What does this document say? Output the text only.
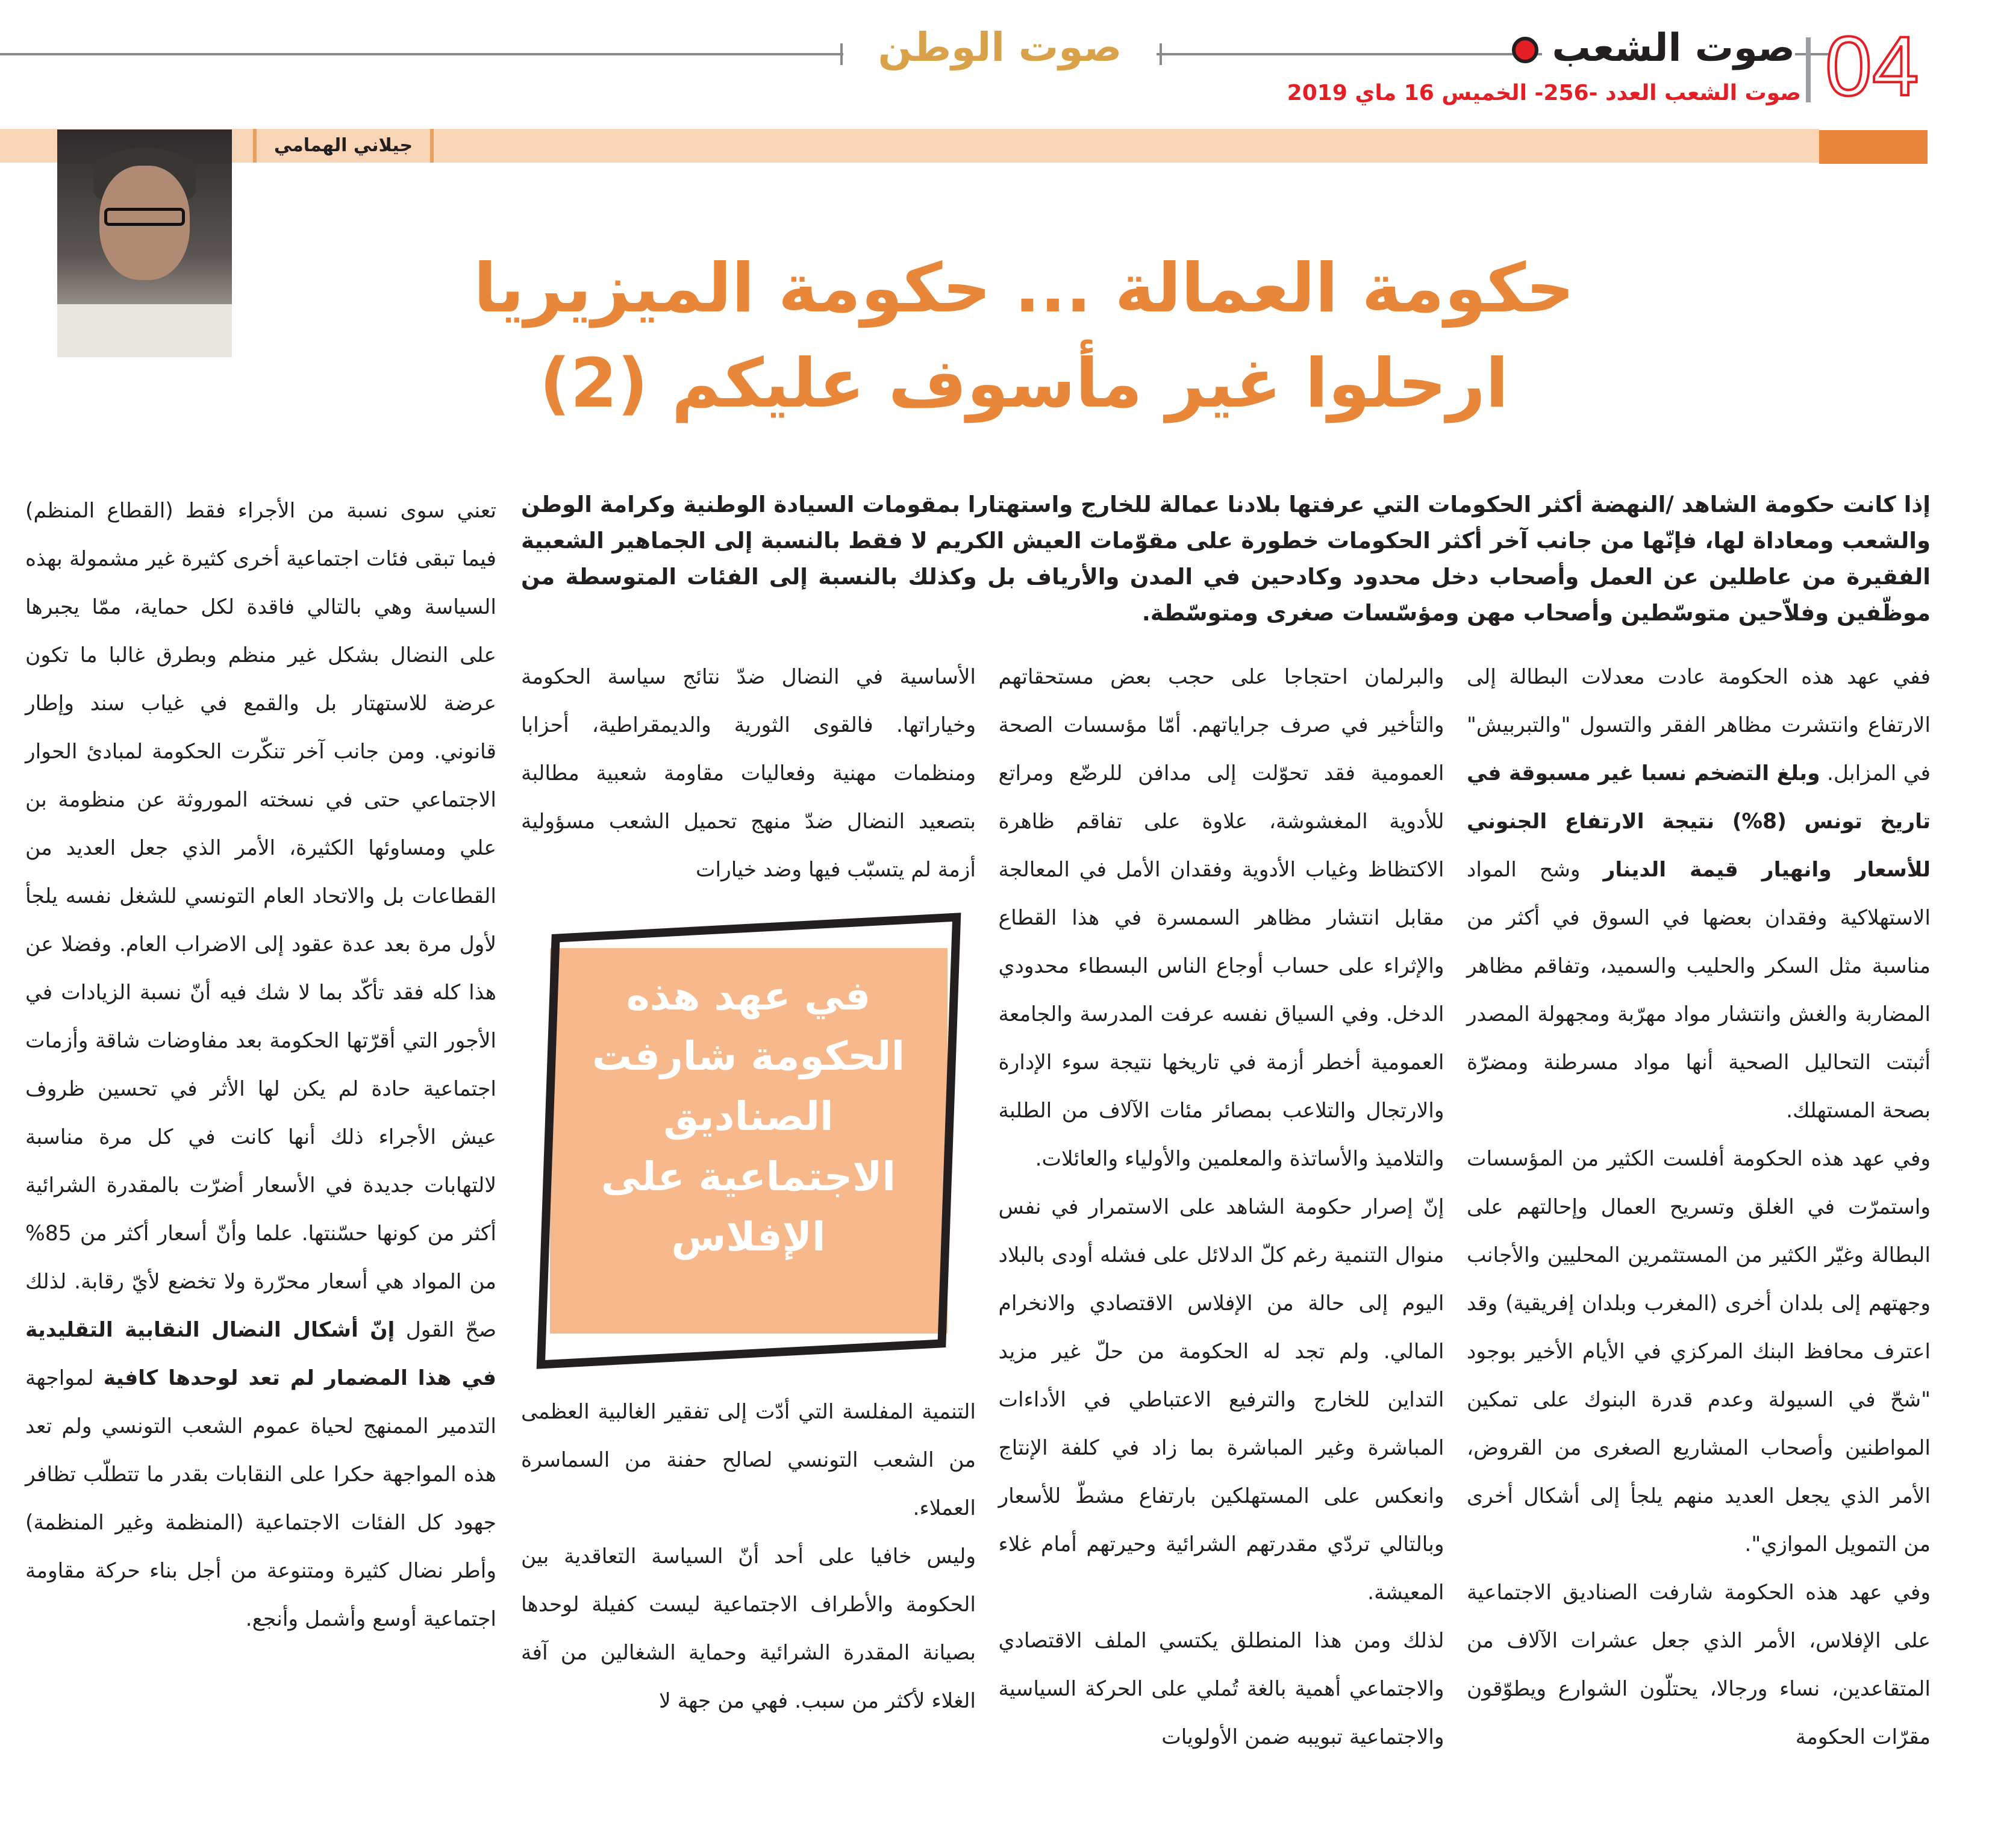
صوت الوطن	صوت الشعب 04
صوت الشعب العدد -256- الخميس 16 ماي 2019
جيلاني الهمامي
حكومة العمالة ... حكومة الميزيريا
ارحلوا غير مأسوف عليكم (2)
إذا كانت حكومة الشاهد /النهضة أكثر الحكومات التي عرفتها بلادنا عمالة للخارج واستهتارا بمقومات السيادة الوطنية وكرامة الوطن والشعب ومعاداة لها، فإنّها من جانب آخر أكثر الحكومات خطورة على مقوّمات العيش الكريم لا فقط بالنسبة إلى الجماهير الشعبية الفقيرة من عاطلين عن العمل وأصحاب دخل محدود وكادحين في المدن والأرياف بل وكذلك بالنسبة إلى الفئات المتوسطة من موظّفين وفلاّحين متوسّطين وأصحاب مهن ومؤسّسات صغرى ومتوسّطة.

ففي عهد هذه الحكومة عادت معدلات البطالة إلى الارتفاع وانتشرت مظاهر الفقر والتسول "والتبربيش" في المزابل. وبلغ التضخم نسبا غير مسبوقة في تاريخ تونس (8%) نتيجة الارتفاع الجنوني للأسعار وانهيار قيمة الدينار وشح المواد الاستهلاكية وفقدان بعضها في السوق في أكثر من مناسبة مثل السكر والحليب والسميد، وتفاقم مظاهر المضاربة والغش وانتشار مواد مهرّبة ومجهولة المصدر أثبتت التحاليل الصحية أنها مواد مسرطنة ومضرّة بصحة المستهلك.

وفي عهد هذه الحكومة أفلست الكثير من المؤسسات واستمرّت في الغلق وتسريح العمال وإحالتهم على البطالة وغيّر الكثير من المستثمرين المحليين والأجانب وجهتهم إلى بلدان أخرى (المغرب وبلدان إفريقية) وقد اعترف محافظ البنك المركزي في الأيام الأخير بوجود "شحّ في السيولة وعدم قدرة البنوك على تمكين المواطنين وأصحاب المشاريع الصغرى من القروض، الأمر الذي يجعل العديد منهم يلجأ إلى أشكال أخرى من التمويل الموازي".

وفي عهد هذه الحكومة شارفت الصناديق الاجتماعية على الإفلاس، الأمر الذي جعل عشرات الآلاف من المتقاعدين، نساء ورجالا، يحتلّون الشوارع ويطوّقون مقرّات الحكومة

والبرلمان احتجاجا على حجب بعض مستحقاتهم والتأخير في صرف جراياتهم. أمّا مؤسسات الصحة العمومية فقد تحوّلت إلى مدافن للرضّع ومراتع للأدوية المغشوشة، علاوة على تفاقم ظاهرة الاكتظاظ وغياب الأدوية وفقدان الأمل في المعالجة مقابل انتشار مظاهر السمسرة في هذا القطاع والإثراء على حساب أوجاع الناس البسطاء محدودي الدخل. وفي السياق نفسه عرفت المدرسة والجامعة العمومية أخطر أزمة في تاريخها نتيجة سوء الإدارة والارتجال والتلاعب بمصائر مئات الآلاف من الطلبة والتلاميذ والأساتذة والمعلمين والأولياء والعائلات.

إنّ إصرار حكومة الشاهد على الاستمرار في نفس منوال التنمية رغم كلّ الدلائل على فشله أودى بالبلاد اليوم إلى حالة من الإفلاس الاقتصادي والانخرام المالي. ولم تجد له الحكومة من حلّ غير مزيد التداين للخارج والترفيع الاعتباطي في الأداءات المباشرة وغير المباشرة بما زاد في كلفة الإنتاج وانعكس على المستهلكين بارتفاع مشطّ للأسعار وبالتالي تردّي مقدرتهم الشرائية وحيرتهم أمام غلاء المعيشة.

لذلك ومن هذا المنطلق يكتسي الملف الاقتصادي والاجتماعي أهمية بالغة تُملي على الحركة السياسية والاجتماعية تبويبه ضمن الأولويات

الأساسية في النضال ضدّ نتائج سياسة الحكومة وخياراتها. فالقوى الثورية والديمقراطية، أحزابا ومنظمات مهنية وفعاليات مقاومة شعبية مطالبة بتصعيد النضال ضدّ منهج تحميل الشعب مسؤولية أزمة لم يتسبّب فيها وضد خيارات

في عهد هذه الحكومة شارفت الصناديق الاجتماعية على الإفلاس

التنمية المفلسة التي أدّت إلى تفقير الغالبية العظمى من الشعب التونسي لصالح حفنة من السماسرة العملاء.

وليس خافيا على أحد أنّ السياسة التعاقدية بين الحكومة والأطراف الاجتماعية ليست كفيلة لوحدها بصيانة المقدرة الشرائية وحماية الشغالين من آفة الغلاء لأكثر من سبب. فهي من جهة لا

تعني سوى نسبة من الأجراء فقط (القطاع المنظم) فيما تبقى فئات اجتماعية أخرى كثيرة غير مشمولة بهذه السياسة وهي بالتالي فاقدة لكل حماية، ممّا يجبرها على النضال بشكل غير منظم وبطرق غالبا ما تكون عرضة للاستهتار بل والقمع في غياب سند وإطار قانوني. ومن جانب آخر تنكّرت الحكومة لمبادئ الحوار الاجتماعي حتى في نسخته الموروثة عن منظومة بن علي ومساوئها الكثيرة، الأمر الذي جعل العديد من القطاعات بل والاتحاد العام التونسي للشغل نفسه يلجأ لأول مرة بعد عدة عقود إلى الاضراب العام. وفضلا عن هذا كله فقد تأكّد بما لا شك فيه أنّ نسبة الزيادات في الأجور التي أقرّتها الحكومة بعد مفاوضات شاقة وأزمات اجتماعية حادة لم يكن لها الأثر في تحسين ظروف عيش الأجراء ذلك أنها كانت في كل مرة مناسبة لالتهابات جديدة في الأسعار أضرّت بالمقدرة الشرائية أكثر من كونها حسّنتها. علما وأنّ أسعار أكثر من 85% من المواد هي أسعار محرّرة ولا تخضع لأيّ رقابة. لذلك صحّ القول إنّ أشكال النضال النقابية التقليدية في هذا المضمار لم تعد لوحدها كافية لمواجهة التدمير الممنهج لحياة عموم الشعب التونسي ولم تعد هذه المواجهة حكرا على النقابات بقدر ما تتطلّب تظافر جهود كل الفئات الاجتماعية (المنظمة وغير المنظمة) وأطر نضال كثيرة ومتنوعة من أجل بناء حركة مقاومة اجتماعية أوسع وأشمل وأنجع.
